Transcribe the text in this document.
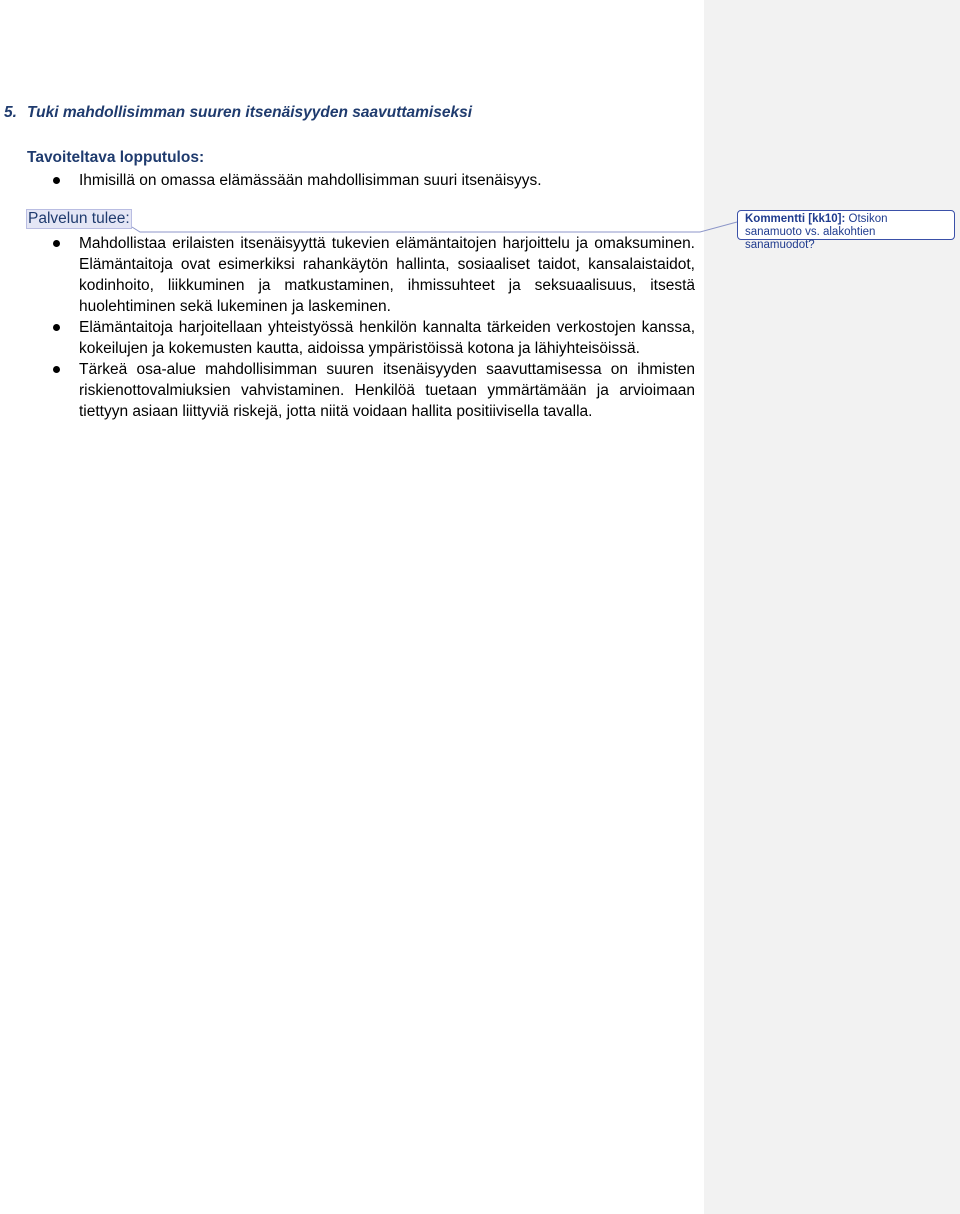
5. Tuki mahdollisimman suuren itsenäisyyden saavuttamiseksi
Tavoiteltava lopputulos:
Ihmisillä on omassa elämässään mahdollisimman suuri itsenäisyys.
Palvelun tulee:
Mahdollistaa erilaisten itsenäisyyttä tukevien elämäntaitojen harjoittelu ja omaksuminen. Elämäntaitoja ovat esimerkiksi rahankäytön hallinta, sosiaaliset taidot, kansalaistaidot, kodinhoito, liikkuminen ja matkustaminen, ihmissuhteet ja seksuaalisuus, itsestä huolehtiminen sekä lukeminen ja laskeminen.
Elämäntaitoja harjoitellaan yhteistyössä henkilön kannalta tärkeiden verkostojen kanssa, kokeilujen ja kokemusten kautta, aidoissa ympäristöissä kotona ja lähiyhteisöissä.
Tärkeä osa-alue mahdollisimman suuren itsenäisyyden saavuttamisessa on ihmisten riskienottovalmiuksien vahvistaminen. Henkilöä tuetaan ymmärtämään ja arvioimaan tiettyyn asiaan liittyviä riskejä, jotta niitä voidaan hallita positiivisella tavalla.
Kommentti [kk10]: Otsikon sanamuoto vs. alakohtien sanamuodot?
